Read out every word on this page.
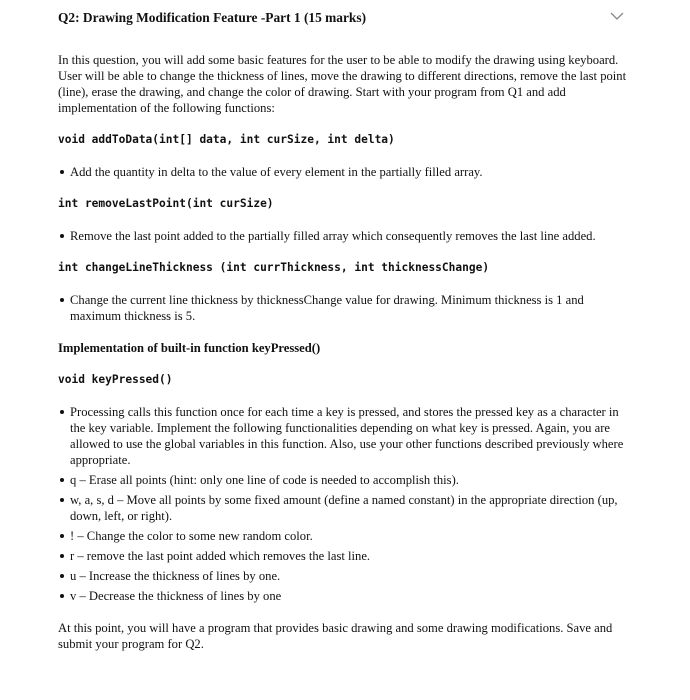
Q2: Drawing Modification Feature -Part 1 (15 marks)

In this question, you will add some basic features for the user to be able to modify the drawing using keyboard. User will be able to change the thickness of lines, move the drawing to different directions, remove the last point (line), erase the drawing, and change the color of drawing. Start with your program from Q1 and add implementation of the following functions:

void addToData(int[] data, int curSize, int delta)
Add the quantity in delta to the value of every element in the partially filled array.
int removeLastPoint(int curSize)
Remove the last point added to the partially filled array which consequently removes the last line added.
int changeLineThickness (int currThickness, int thicknessChange)
Change the current line thickness by thicknessChange value for drawing. Minimum thickness is 1 and maximum thickness is 5.
Implementation of built-in function keyPressed()
void keyPressed()
Processing calls this function once for each time a key is pressed, and stores the pressed key as a character in the key variable. Implement the following functionalities depending on what key is pressed. Again, you are allowed to use the global variables in this function. Also, use your other functions described previously where appropriate.
q – Erase all points (hint: only one line of code is needed to accomplish this).
w, a, s, d – Move all points by some fixed amount (define a named constant) in the appropriate direction (up, down, left, or right).
! – Change the color to some new random color.
r – remove the last point added which removes the last line.
u – Increase the thickness of lines by one.
v – Decrease the thickness of lines by one

At this point, you will have a program that provides basic drawing and some drawing modifications. Save and submit your program for Q2.
